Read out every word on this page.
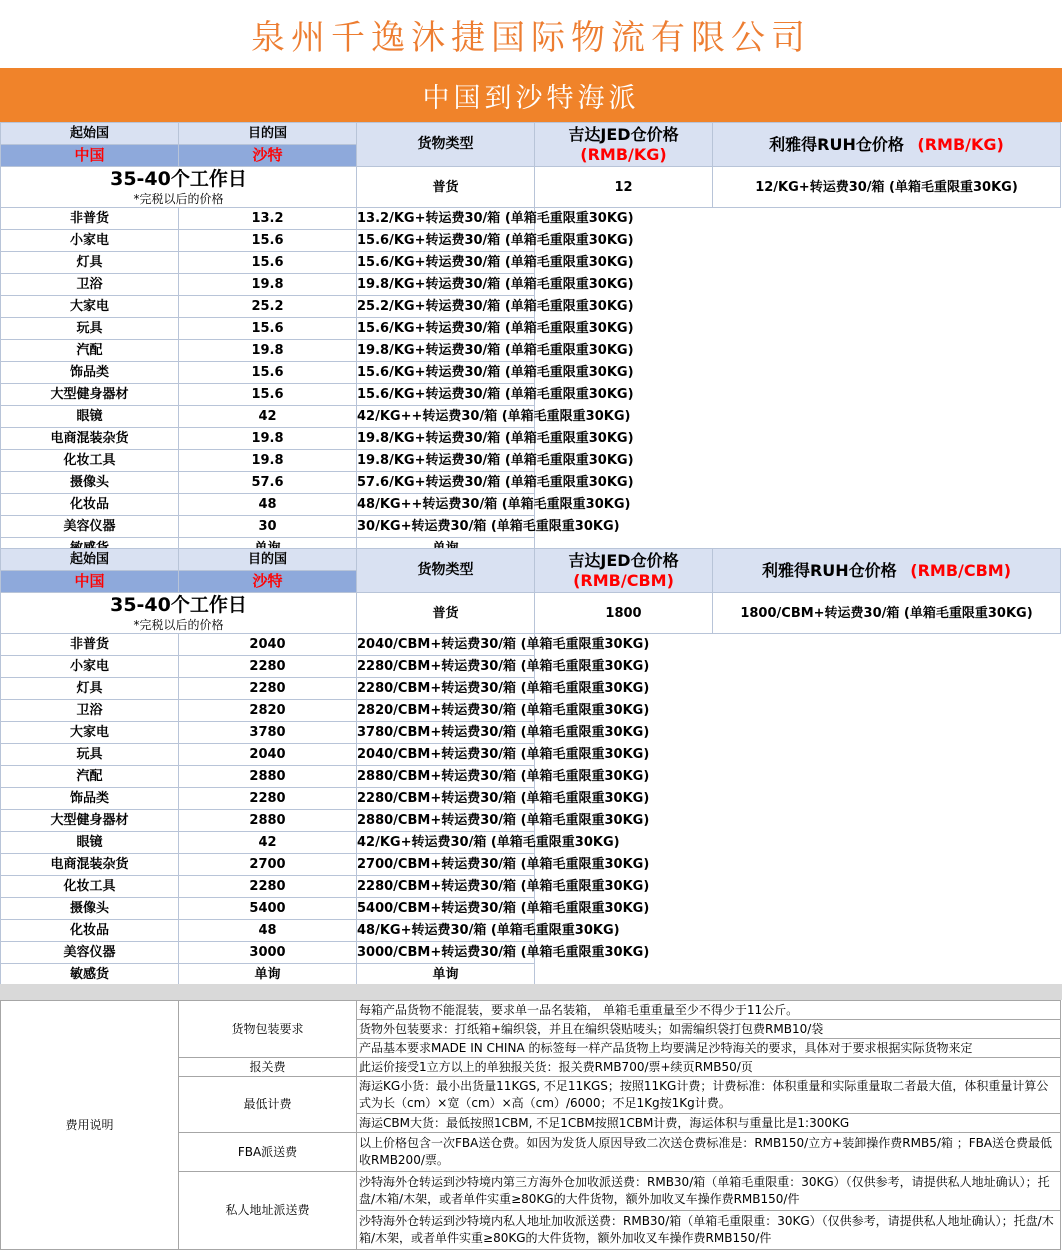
泉州千逸沐捷国际物流有限公司
中国到沙特海派
起始国	目的国	货物类型	吉达JED仓价格
(RMB/KG)	利雅得RUH仓价格 (RMB/KG)
中国	沙特			

35-40个工作日
*完税以后的价格		普货	12	12/KG+转运费30/箱 (单箱毛重限重30KG)
非普货	13.2	13.2/KG+转运费30/箱 (单箱毛重限重30KG)		
小家电	15.6	15.6/KG+转运费30/箱 (单箱毛重限重30KG)		
灯具	15.6	15.6/KG+转运费30/箱 (单箱毛重限重30KG)		
卫浴	19.8	19.8/KG+转运费30/箱 (单箱毛重限重30KG)		
大家电	25.2	25.2/KG+转运费30/箱 (单箱毛重限重30KG)		
玩具	15.6	15.6/KG+转运费30/箱 (单箱毛重限重30KG)		
汽配	19.8	19.8/KG+转运费30/箱 (单箱毛重限重30KG)		
饰品类	15.6	15.6/KG+转运费30/箱 (单箱毛重限重30KG)		
大型健身器材	15.6	15.6/KG+转运费30/箱 (单箱毛重限重30KG)		
眼镜	42	42/KG++转运费30/箱 (单箱毛重限重30KG)		
电商混装杂货	19.8	19.8/KG+转运费30/箱 (单箱毛重限重30KG)		
化妆工具	19.8	19.8/KG+转运费30/箱 (单箱毛重限重30KG)		
摄像头	57.6	57.6/KG+转运费30/箱 (单箱毛重限重30KG)		
化妆品	48	48/KG++转运费30/箱 (单箱毛重限重30KG)		
美容仪器	30	30/KG+转运费30/箱 (单箱毛重限重30KG)		

起始国	目的国	货物类型	吉达JED仓价格
(RMB/CBM)	利雅得RUH仓价格 (RMB/CBM)
中国	沙特			

35-40个工作日
*完税以后的价格		普货	1800	1800/CBM+转运费30/箱 (单箱毛重限重30KG)
非普货	2040	2040/CBM+转运费30/箱 (单箱毛重限重30KG)		
小家电	2280	2280/CBM+转运费30/箱 (单箱毛重限重30KG)		
灯具	2280	2280/CBM+转运费30/箱 (单箱毛重限重30KG)		
卫浴	2820	2820/CBM+转运费30/箱 (单箱毛重限重30KG)		
大家电	3780	3780/CBM+转运费30/箱 (单箱毛重限重30KG)		
玩具	2040	2040/CBM+转运费30/箱 (单箱毛重限重30KG)		
汽配	2880	2880/CBM+转运费30/箱 (单箱毛重限重30KG)		
饰品类	2280	2280/CBM+转运费30/箱 (单箱毛重限重30KG)		
大型健身器材	2880	2880/CBM+转运费30/箱 (单箱毛重限重30KG)		
眼镜	42	42/KG+转运费30/箱 (单箱毛重限重30KG)		
电商混装杂货	2700	2700/CBM+转运费30/箱 (单箱毛重限重30KG)		
化妆工具	2280	2280/CBM+转运费30/箱 (单箱毛重限重30KG)		
摄像头	5400	5400/CBM+转运费30/箱 (单箱毛重限重30KG)		
化妆品	48	48/KG+转运费30/箱 (单箱毛重限重30KG)		
美容仪器	3000	3000/CBM+转运费30/箱 (单箱毛重限重30KG)		
敏感货	单询	单询		
费用说明	货物包装要求	每箱产品货物不能混装，要求单一品名装箱， 单箱毛重重量至少不得少于11公斤。
		货物外包装要求：打纸箱+编织袋，并且在编织袋贴唛头；如需编织袋打包费RMB10/袋
		产品基本要求MADE IN CHINA 的标签每一样产品货物上均要满足沙特海关的要求，具体对于要求根据实际货物来定
	报关费	此运价接受1立方以上的单独报关货：报关费RMB700/票+续页RMB50/页
	最低计费	海运KG小货：最小出货量11KGS, 不足11KGS；按照11KG计费；计费标准：体积重量和实际重量取二者最大值，体积重量计算公式为长（cm）×宽（cm）×高（cm）/6000；不足1Kg按1Kg计费。
		海运CBM大货：最低按照1CBM, 不足1CBM按照1CBM计费，海运体积与重量比是1:300KG
	FBA派送费	以上价格包含一次FBA送仓费。如因为发货人原因导致二次送仓费标准是：RMB150/立方+装卸操作费RMB5/箱 ；FBA送仓费最低收RMB200/票。
	私人地址派送费	沙特海外仓转运到沙特境内第三方海外仓加收派送费：RMB30/箱（单箱毛重限重：30KG）（仅供参考，请提供私人地址确认）；托盘/木箱/木架，或者单件实重≥80KG的大件货物，额外加收叉车操作费RMB150/件
		沙特海外仓转运到沙特境内私人地址加收派送费：RMB30/箱（单箱毛重限重：30KG）（仅供参考，请提供私人地址确认）；托盘/木箱/木架，或者单件实重≥80KG的大件货物，额外加收叉车操作费RMB150/件
